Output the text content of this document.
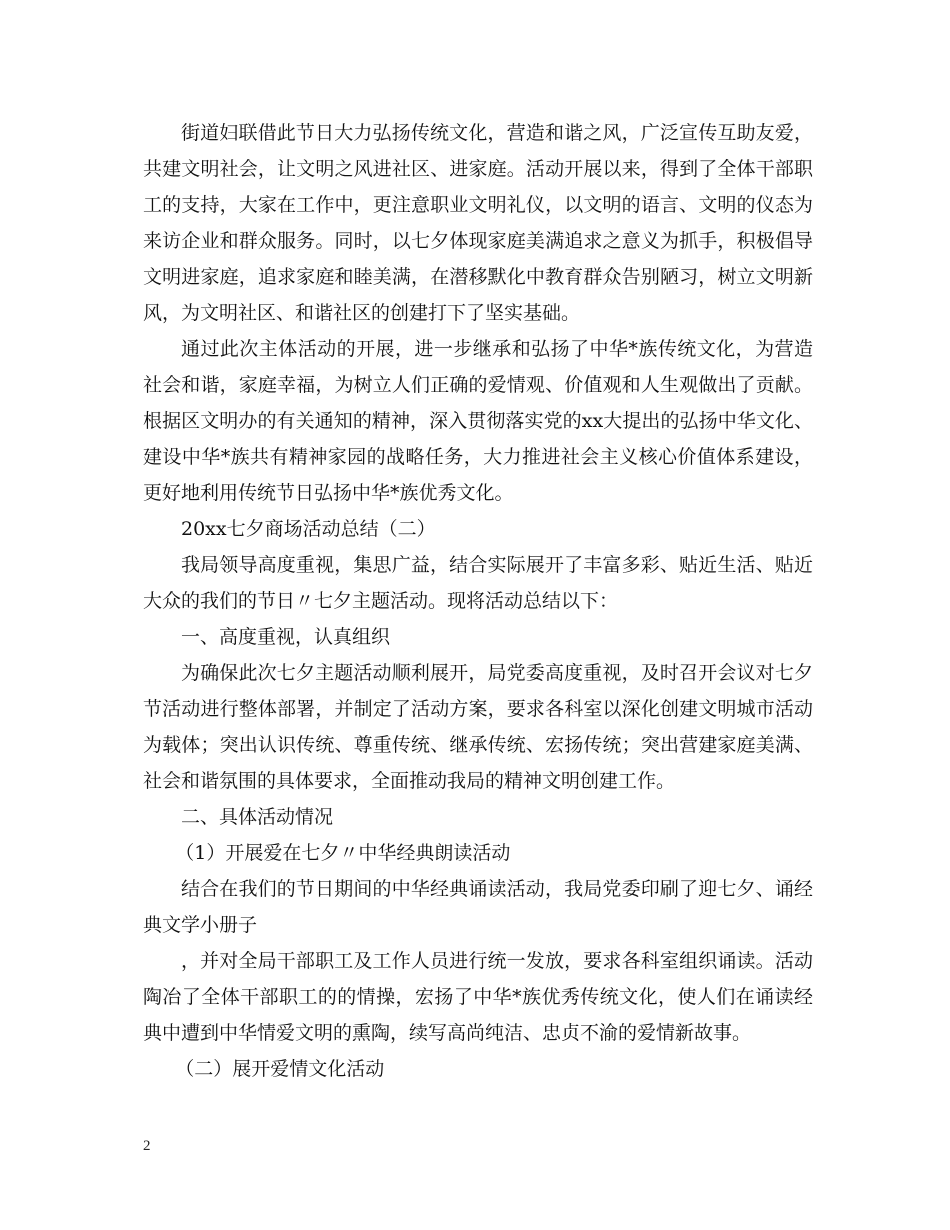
街道妇联借此节日大力弘扬传统文化，营造和谐之风，广泛宣传互助友爱，共建文明社会，让文明之风进社区、进家庭。活动开展以来，得到了全体干部职工的支持，大家在工作中，更注意职业文明礼仪，以文明的语言、文明的仪态为来访企业和群众服务。同时，以七夕体现家庭美满追求之意义为抓手，积极倡导文明进家庭，追求家庭和睦美满，在潜移默化中教育群众告别陋习，树立文明新风，为文明社区、和谐社区的创建打下了坚实基础。

通过此次主体活动的开展，进一步继承和弘扬了中华*族传统文化，为营造社会和谐，家庭幸福，为树立人们正确的爱情观、价值观和人生观做出了贡献。根据区文明办的有关通知的精神，深入贯彻落实党的xx大提出的弘扬中华文化、建设中华*族共有精神家园的战略任务，大力推进社会主义核心价值体系建设，更好地利用传统节日弘扬中华*族优秀文化。

20xx七夕商场活动总结（二）

我局领导高度重视，集思广益，结合实际展开了丰富多彩、贴近生活、贴近大众的我们的节日〃七夕主题活动。现将活动总结以下：

一、高度重视，认真组织

为确保此次七夕主题活动顺利展开，局党委高度重视，及时召开会议对七夕节活动进行整体部署，并制定了活动方案，要求各科室以深化创建文明城市活动为载体；突出认识传统、尊重传统、继承传统、宏扬传统；突出营建家庭美满、社会和谐氛围的具体要求，全面推动我局的精神文明创建工作。

二、具体活动情况

（1）开展爱在七夕〃中华经典朗读活动

结合在我们的节日期间的中华经典诵读活动，我局党委印刷了迎七夕、诵经典文学小册子

，并对全局干部职工及工作人员进行统一发放，要求各科室组织诵读。活动陶冶了全体干部职工的的情操，宏扬了中华*族优秀传统文化，使人们在诵读经典中遭到中华情爱文明的熏陶，续写高尚纯洁、忠贞不渝的爱情新故事。

（二）展开爱情文化活动

2
